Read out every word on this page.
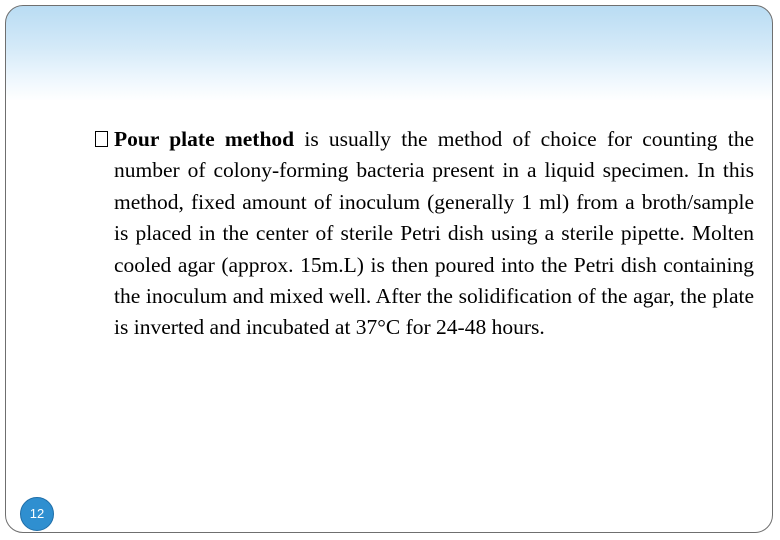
Pour plate method is usually the method of choice for counting the number of colony-forming bacteria present in a liquid specimen. In this method, fixed amount of inoculum (generally 1 ml) from a broth/sample is placed in the center of sterile Petri dish using a sterile pipette. Molten cooled agar (approx. 15m.L) is then poured into the Petri dish containing the inoculum and mixed well. After the solidification of the agar, the plate is inverted and incubated at 37°C for 24-48 hours.

12
